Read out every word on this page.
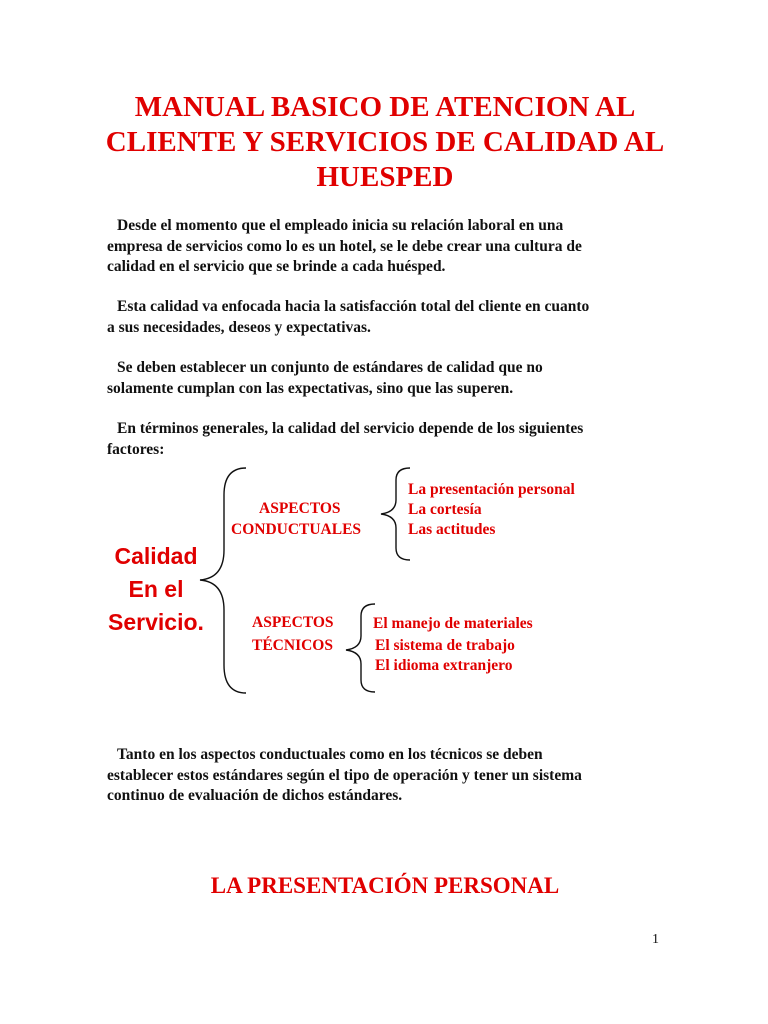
MANUAL BASICO DE ATENCION AL
CLIENTE Y SERVICIOS DE CALIDAD AL
HUESPED

Desde el momento que el empleado inicia su relación laboral en una
empresa de servicios como lo es un hotel, se le debe crear una cultura de
calidad en el servicio que se brinde a cada huésped.

Esta calidad va enfocada hacia la satisfacción total del cliente en cuanto
a sus necesidades, deseos y expectativas.

Se deben establecer un conjunto de estándares de calidad que no
solamente cumplan con las expectativas, sino que las superen.

En términos generales, la calidad del servicio depende de los siguientes
factores:

Calidad
En el
Servicio.
ASPECTOS
CONDUCTUALES
La presentación personal
La cortesía
Las actitudes
ASPECTOS
TÉCNICOS
El manejo de materiales
El sistema de trabajo
El idioma extranjero

Tanto en los aspectos conductuales como en los técnicos se deben
establecer estos estándares según el tipo de operación y tener un sistema
continuo de evaluación de dichos estándares.

LA PRESENTACIÓN PERSONAL
1
